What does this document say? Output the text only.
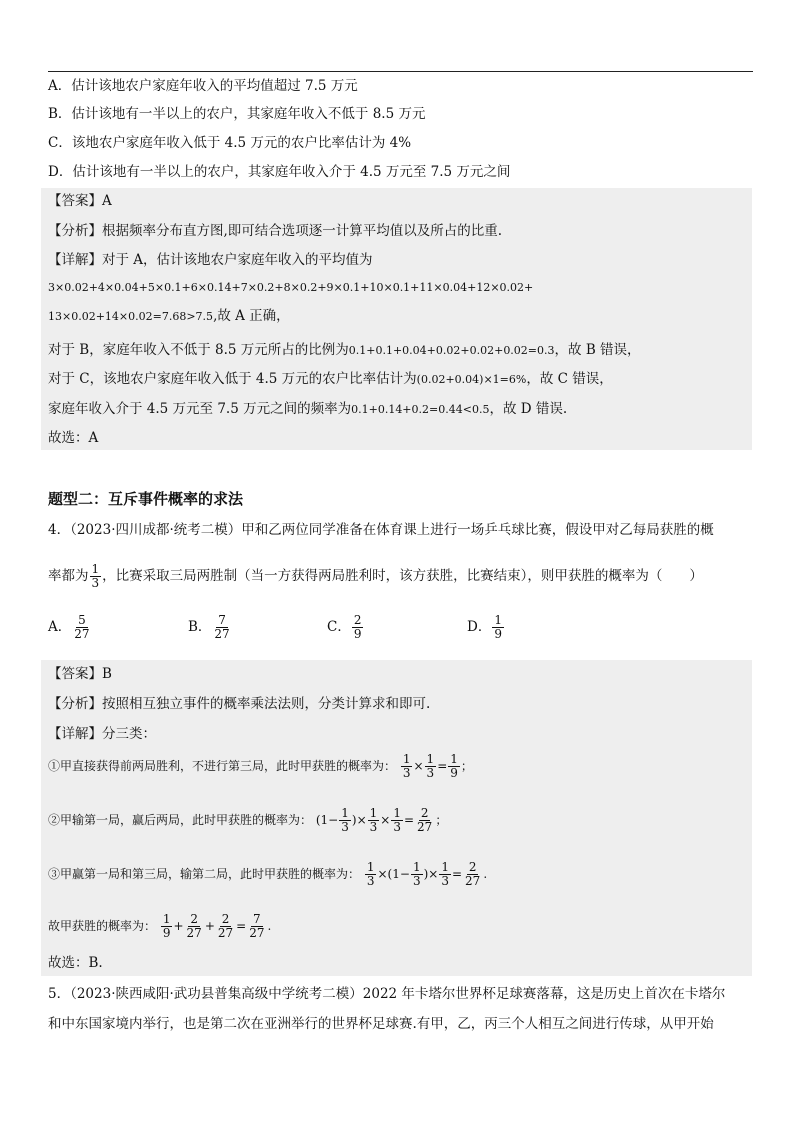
A．估计该地农户家庭年收入的平均值超过 7.5 万元
B．估计该地有一半以上的农户，其家庭年收入不低于 8.5 万元
C．该地农户家庭年收入低于 4.5 万元的农户比率估计为 4%
D．估计该地有一半以上的农户，其家庭年收入介于 4.5 万元至 7.5 万元之间
【答案】A
【分析】根据频率分布直方图,即可结合选项逐一计算平均值以及所占的比重.
【详解】对于 A，估计该地农户家庭年收入的平均值为
3×0.02+4×0.04+5×0.1+6×0.14+7×0.2+8×0.2+9×0.1+10×0.1+11×0.04+12×0.02+
13×0.02+14×0.02=7.68>7.5,故 A 正确，
对于 B，家庭年收入不低于 8.5 万元所占的比例为0.1+0.1+0.04+0.02+0.02+0.02=0.3，故 B 错误，
对于 C，该地农户家庭年收入低于 4.5 万元的农户比率估计为(0.02+0.04)×1=6%，故 C 错误，
家庭年收入介于 4.5 万元至 7.5 万元之间的频率为0.1+0.14+0.2=0.44<0.5，故 D 错误.
故选：A
题型二：互斥事件概率的求法
4．（2023·四川成都·统考二模）甲和乙两位同学准备在体育课上进行一场乒乓球比赛，假设甲对乙每局获胜的概
率都为 $\frac{1}{3}$ ，比赛采取三局两胜制（当一方获得两局胜利时，该方获胜，比赛结束），则甲获胜的概率为（　　）
A． $\frac{5}{27}$	B． $\frac{7}{27}$	C． $\frac{2}{9}$	D． $\frac{1}{9}$
【答案】B
【分析】按照相互独立事件的概率乘法法则，分类计算求和即可.
【详解】分三类：
①甲直接获得前两局胜利，不进行第三局，此时甲获胜的概率为： $\frac{1}{3} \times \frac{1}{3} = \frac{1}{9}$ ；
②甲输第一局，赢后两局，此时甲获胜的概率为： ($1- \frac{1}{3}$ )× $\frac{1}{3} \times \frac{1}{3} = \frac{2}{27}$ ；
③甲赢第一局和第三局，输第二局，此时甲获胜的概率为： $\frac{1}{3} \times(1- \frac{1}{3}$ )× $\frac{1}{3} = \frac{2}{27}$ .
故甲获胜的概率为： $\frac{1}{9} + \frac{2}{27} + \frac{2}{27} = \frac{7}{27}$ .
故选：B.
5．（2023·陕西咸阳·武功县普集高级中学统考二模）2022 年卡塔尔世界杯足球赛落幕，这是历史上首次在卡塔尔
和中东国家境内举行，也是第二次在亚洲举行的世界杯足球赛.有甲，乙，丙三个人相互之间进行传球，从甲开始
